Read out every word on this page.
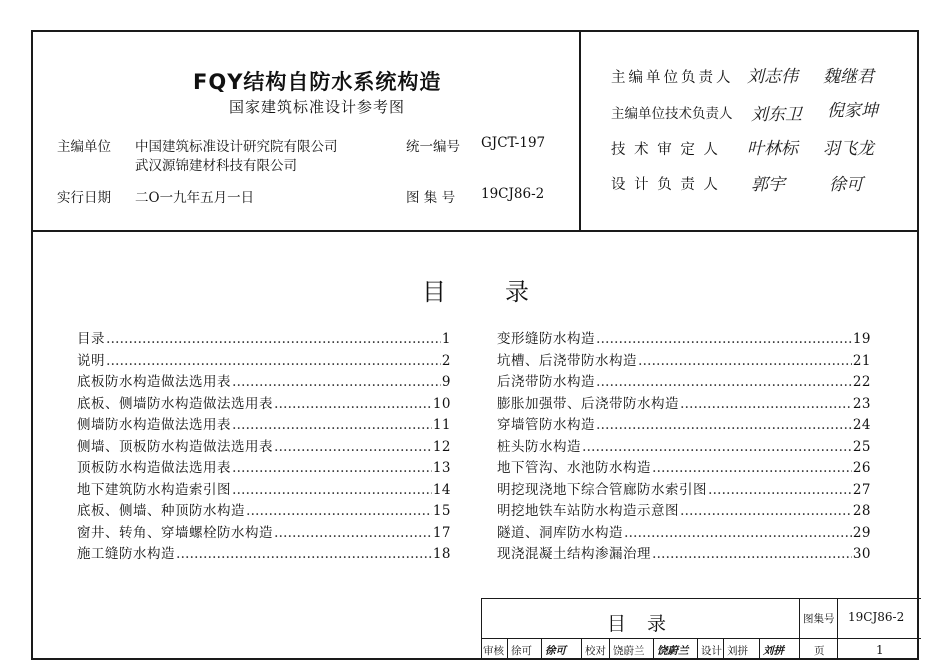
FQY结构自防水系统构造
国家建筑标准设计参考图
主编单位 中国建筑标准设计研究院有限公司
武汉源锦建材科技有限公司
实行日期 二O一九年五月一日
统一编号 GJCT-197
图 集 号 19CJ86-2
主编单位负责人 刘志伟 魏继君
主编单位技术负责人 刘东卫 倪家坤
技 术 审 定 人 叶林标 羽飞龙
设 计 负 责 人 郭宇	徐可
目 录
目录 ……………………………………………………………………………………………………………………………………	1
说明 ……………………………………………………………………………………………………………………………………	2
底板防水构造做法选用表 ……………………………………………………………………………………………………………………………………	9
底板、侧墙防水构造做法选用表 ……………………………………………………………………………………………………………………………………	10
侧墙防水构造做法选用表 ……………………………………………………………………………………………………………………………………	11
侧墙、顶板防水构造做法选用表 ……………………………………………………………………………………………………………………………………	12
顶板防水构造做法选用表 ……………………………………………………………………………………………………………………………………	13
地下建筑防水构造索引图 ……………………………………………………………………………………………………………………………………	14
底板、侧墙、种顶防水构造 ……………………………………………………………………………………………………………………………………	15
窗井、转角、穿墙螺栓防水构造 ……………………………………………………………………………………………………………………………………	17
施工缝防水构造 ……………………………………………………………………………………………………………………………………	18
变形缝防水构造 ……………………………………………………………………………………………………………………………………	19
坑槽、后浇带防水构造 ……………………………………………………………………………………………………………………………………	21
后浇带防水构造 ……………………………………………………………………………………………………………………………………	22
膨胀加强带、后浇带防水构造 ……………………………………………………………………………………………………………………………………	23
穿墙管防水构造 ……………………………………………………………………………………………………………………………………	24
桩头防水构造 ……………………………………………………………………………………………………………………………………	25
地下管沟、水池防水构造 ……………………………………………………………………………………………………………………………………	26
明挖现浇地下综合管廊防水索引图 ……………………………………………………………………………………………………………………………………	27
明挖地铁车站防水构造示意图 ……………………………………………………………………………………………………………………………………	28
隧道、洞库防水构造 ……………………………………………………………………………………………………………………………………	29
现浇混凝土结构渗漏治理 ……………………………………………………………………………………………………………………………………	30
目 录	图集号 19CJ86-2
页	1
审核 徐可 徐可 校对 饶蔚兰 饶蔚兰 设计 刘拼 刘拼
